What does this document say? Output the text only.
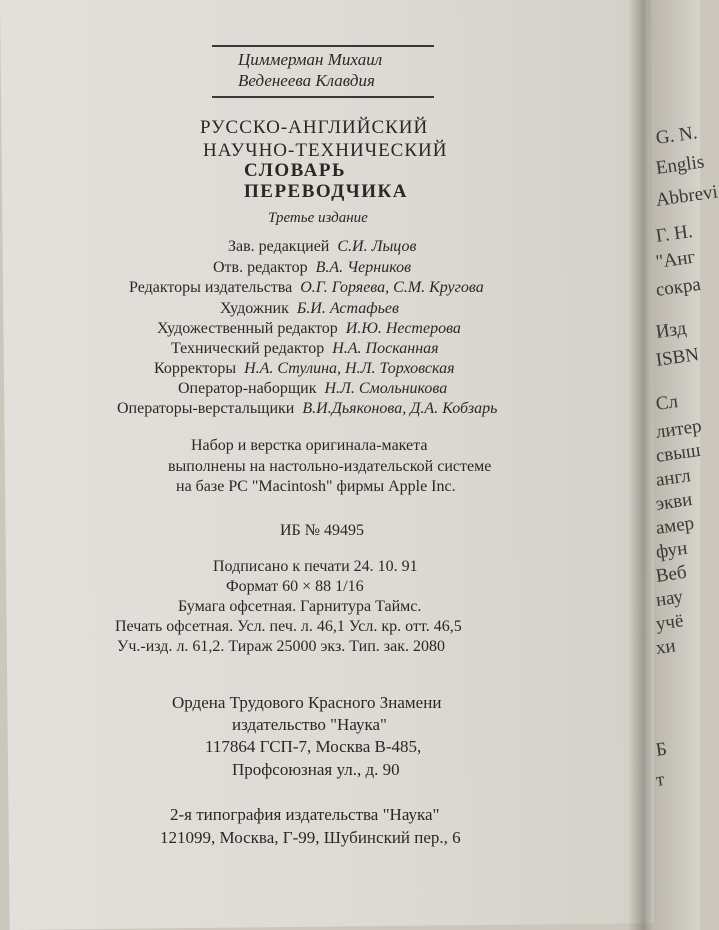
G. N.
Englis
Abbrevi
Г. Н.
"Анг
сокра
Изд
ISBN
Сл
литер
свыш
англ
экви
амер
фун
Веб
нау
учё
хи
Б
т
Циммерман Михаил
Веденеева Клавдия
РУССКО-АНГЛИЙСКИЙ
НАУЧНО-ТЕХНИЧЕСКИЙ
СЛОВАРЬ
ПЕРЕВОДЧИКА
Третье издание
Зав. редакцией С.И. Лыцов
Отв. редактор В.А. Черников
Редакторы издательства О.Г. Горяева, С.М. Кругова
Художник Б.И. Астафьев
Художественный редактор И.Ю. Нестерова
Технический редактор Н.А. Посканная
Корректоры Н.А. Стулина, Н.Л. Торховская
Оператор-наборщик Н.Л. Смольникова
Операторы-верстальщики В.И.Дьяконова, Д.А. Кобзарь
Набор и верстка оригинала-макета
выполнены на настольно-издательской системе
на базе PC "Macintosh" фирмы Apple Inc.
ИБ № 49495
Подписано к печати 24. 10. 91
Формат 60 × 88 1/16
Бумага офсетная. Гарнитура Таймс.
Печать офсетная. Усл. печ. л. 46,1 Усл. кр. отт. 46,5
Уч.-изд. л. 61,2. Тираж 25000 экз. Тип. зак. 2080
Ордена Трудового Красного Знамени
издательство "Наука"
117864 ГСП-7, Москва В-485,
Профсоюзная ул., д. 90
2-я типография издательства "Наука"
121099, Москва, Г-99, Шубинский пер., 6
